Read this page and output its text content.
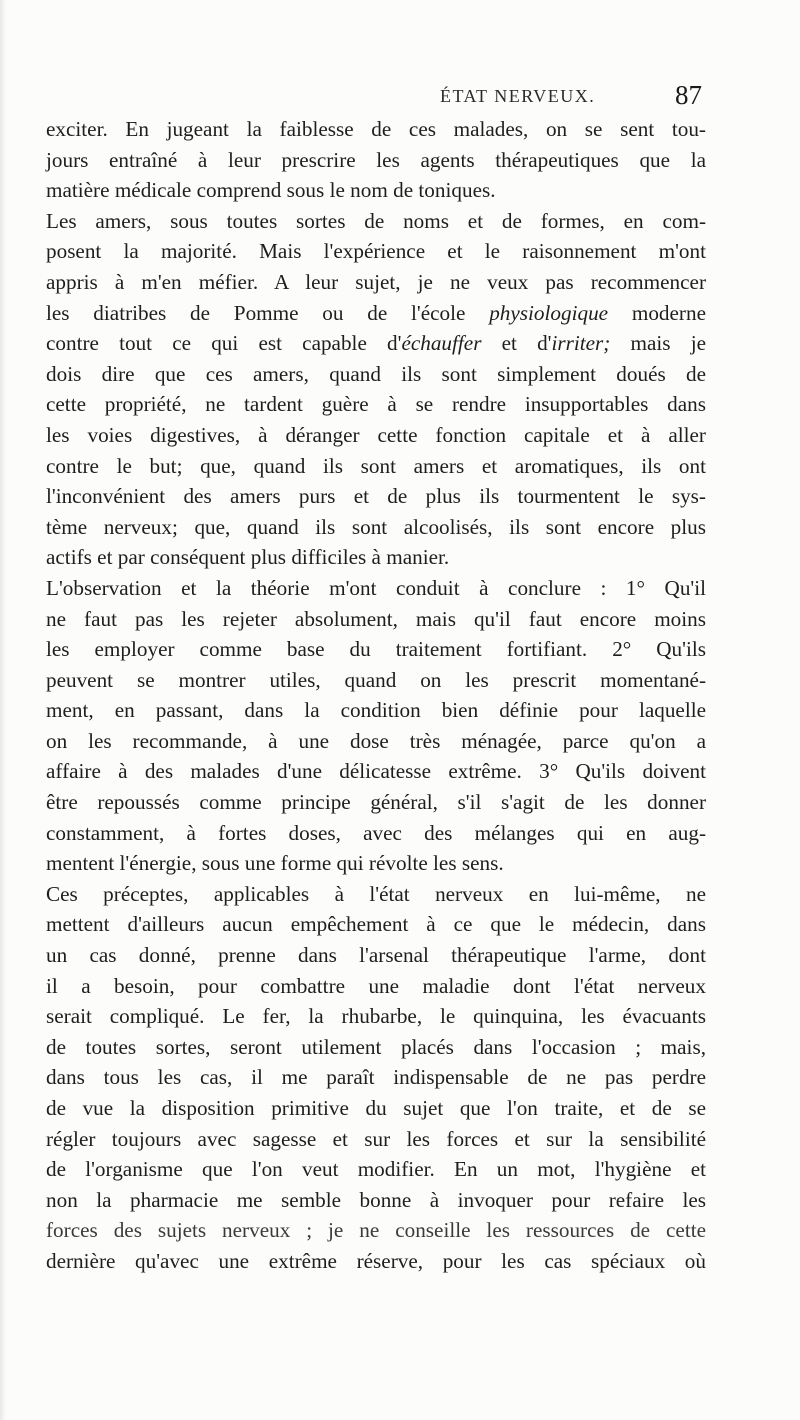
ÉTAT NERVEUX.	87
exciter. En jugeant la faiblesse de ces malades, on se sent tou-
jours entraîné à leur prescrire les agents thérapeutiques que la
matière médicale comprend sous le nom de toniques.
Les amers, sous toutes sortes de noms et de formes, en com-
posent la majorité. Mais l'expérience et le raisonnement m'ont
appris à m'en méfier. A leur sujet, je ne veux pas recommencer
les diatribes de Pomme ou de l'école physiologique moderne
contre tout ce qui est capable d'échauffer et d'irriter; mais je
dois dire que ces amers, quand ils sont simplement doués de
cette propriété, ne tardent guère à se rendre insupportables dans
les voies digestives, à déranger cette fonction capitale et à aller
contre le but; que, quand ils sont amers et aromatiques, ils ont
l'inconvénient des amers purs et de plus ils tourmentent le sys-
tème nerveux; que, quand ils sont alcoolisés, ils sont encore plus
actifs et par conséquent plus difficiles à manier.
L'observation et la théorie m'ont conduit à conclure : 1° Qu'il
ne faut pas les rejeter absolument, mais qu'il faut encore moins
les employer comme base du traitement fortifiant. 2° Qu'ils
peuvent se montrer utiles, quand on les prescrit momentané-
ment, en passant, dans la condition bien définie pour laquelle
on les recommande, à une dose très ménagée, parce qu'on a
affaire à des malades d'une délicatesse extrême. 3° Qu'ils doivent
être repoussés comme principe général, s'il s'agit de les donner
constamment, à fortes doses, avec des mélanges qui en aug-
mentent l'énergie, sous une forme qui révolte les sens.
Ces préceptes, applicables à l'état nerveux en lui-même, ne
mettent d'ailleurs aucun empêchement à ce que le médecin, dans
un cas donné, prenne dans l'arsenal thérapeutique l'arme, dont
il a besoin, pour combattre une maladie dont l'état nerveux
serait compliqué. Le fer, la rhubarbe, le quinquina, les évacuants
de toutes sortes, seront utilement placés dans l'occasion ; mais,
dans tous les cas, il me paraît indispensable de ne pas perdre
de vue la disposition primitive du sujet que l'on traite, et de se
régler toujours avec sagesse et sur les forces et sur la sensibilité
de l'organisme que l'on veut modifier. En un mot, l'hygiène et
non la pharmacie me semble bonne à invoquer pour refaire les
forces des sujets nerveux ; je ne conseille les ressources de cette
dernière qu'avec une extrême réserve, pour les cas spéciaux où
